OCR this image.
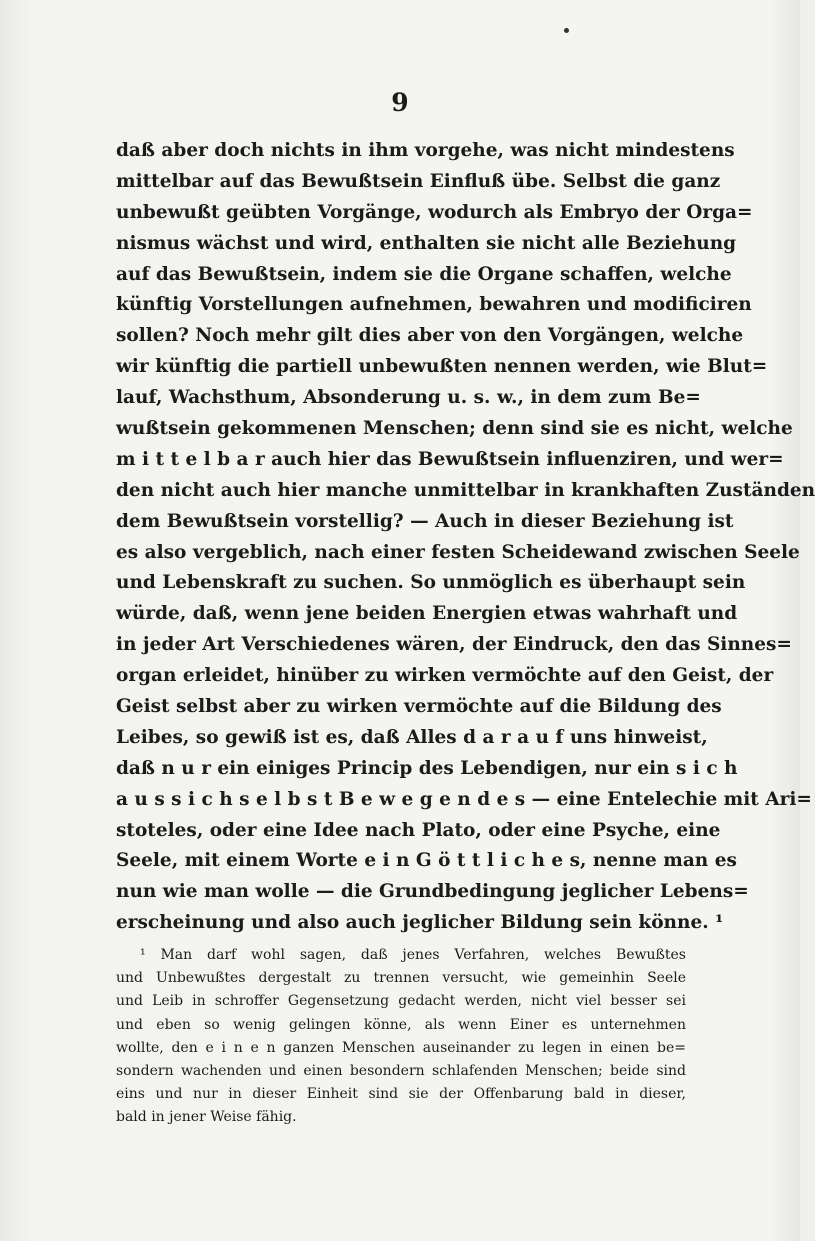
9
daß aber doch nichts in ihm vorgehe, was nicht mindestens
mittelbar auf das Bewußtsein Einfluß übe. Selbst die ganz
unbewußt geübten Vorgänge, wodurch als Embryo der Orga=
nismus wächst und wird, enthalten sie nicht alle Beziehung
auf das Bewußtsein, indem sie die Organe schaffen, welche
künftig Vorstellungen aufnehmen, bewahren und modificiren
sollen? Noch mehr gilt dies aber von den Vorgängen, welche
wir künftig die partiell unbewußten nennen werden, wie Blut=
lauf, Wachsthum, Absonderung u. s. w., in dem zum Be=
wußtsein gekommenen Menschen; denn sind sie es nicht, welche
m i t t e l b a r auch hier das Bewußtsein influenziren, und wer=
den nicht auch hier manche unmittelbar in krankhaften Zuständen
dem Bewußtsein vorstellig? — Auch in dieser Beziehung ist
es also vergeblich, nach einer festen Scheidewand zwischen Seele
und Lebenskraft zu suchen. So unmöglich es überhaupt sein
würde, daß, wenn jene beiden Energien etwas wahrhaft und
in jeder Art Verschiedenes wären, der Eindruck, den das Sinnes=
organ erleidet, hinüber zu wirken vermöchte auf den Geist, der
Geist selbst aber zu wirken vermöchte auf die Bildung des
Leibes, so gewiß ist es, daß Alles d a r a u f uns hinweist,
daß n u r ein einiges Princip des Lebendigen, nur ein s i c h
a u s s i c h s e l b s t B e w e g e n d e s — eine Entelechie mit Ari=
stoteles, oder eine Idee nach Plato, oder eine Psyche, eine
Seele, mit einem Worte e i n G ö t t l i c h e s, nenne man es
nun wie man wolle — die Grundbedingung jeglicher Lebens=
erscheinung und also auch jeglicher Bildung sein könne. ¹
¹ Man darf wohl sagen, daß jenes Verfahren, welches Bewußtes
und Unbewußtes dergestalt zu trennen versucht, wie gemeinhin Seele
und Leib in schroffer Gegensetzung gedacht werden, nicht viel besser sei
und eben so wenig gelingen könne, als wenn Einer es unternehmen
wollte, den e i n e n ganzen Menschen auseinander zu legen in einen be=
sondern wachenden und einen besondern schlafenden Menschen; beide sind
eins und nur in dieser Einheit sind sie der Offenbarung bald in dieser,
bald in jener Weise fähig.
